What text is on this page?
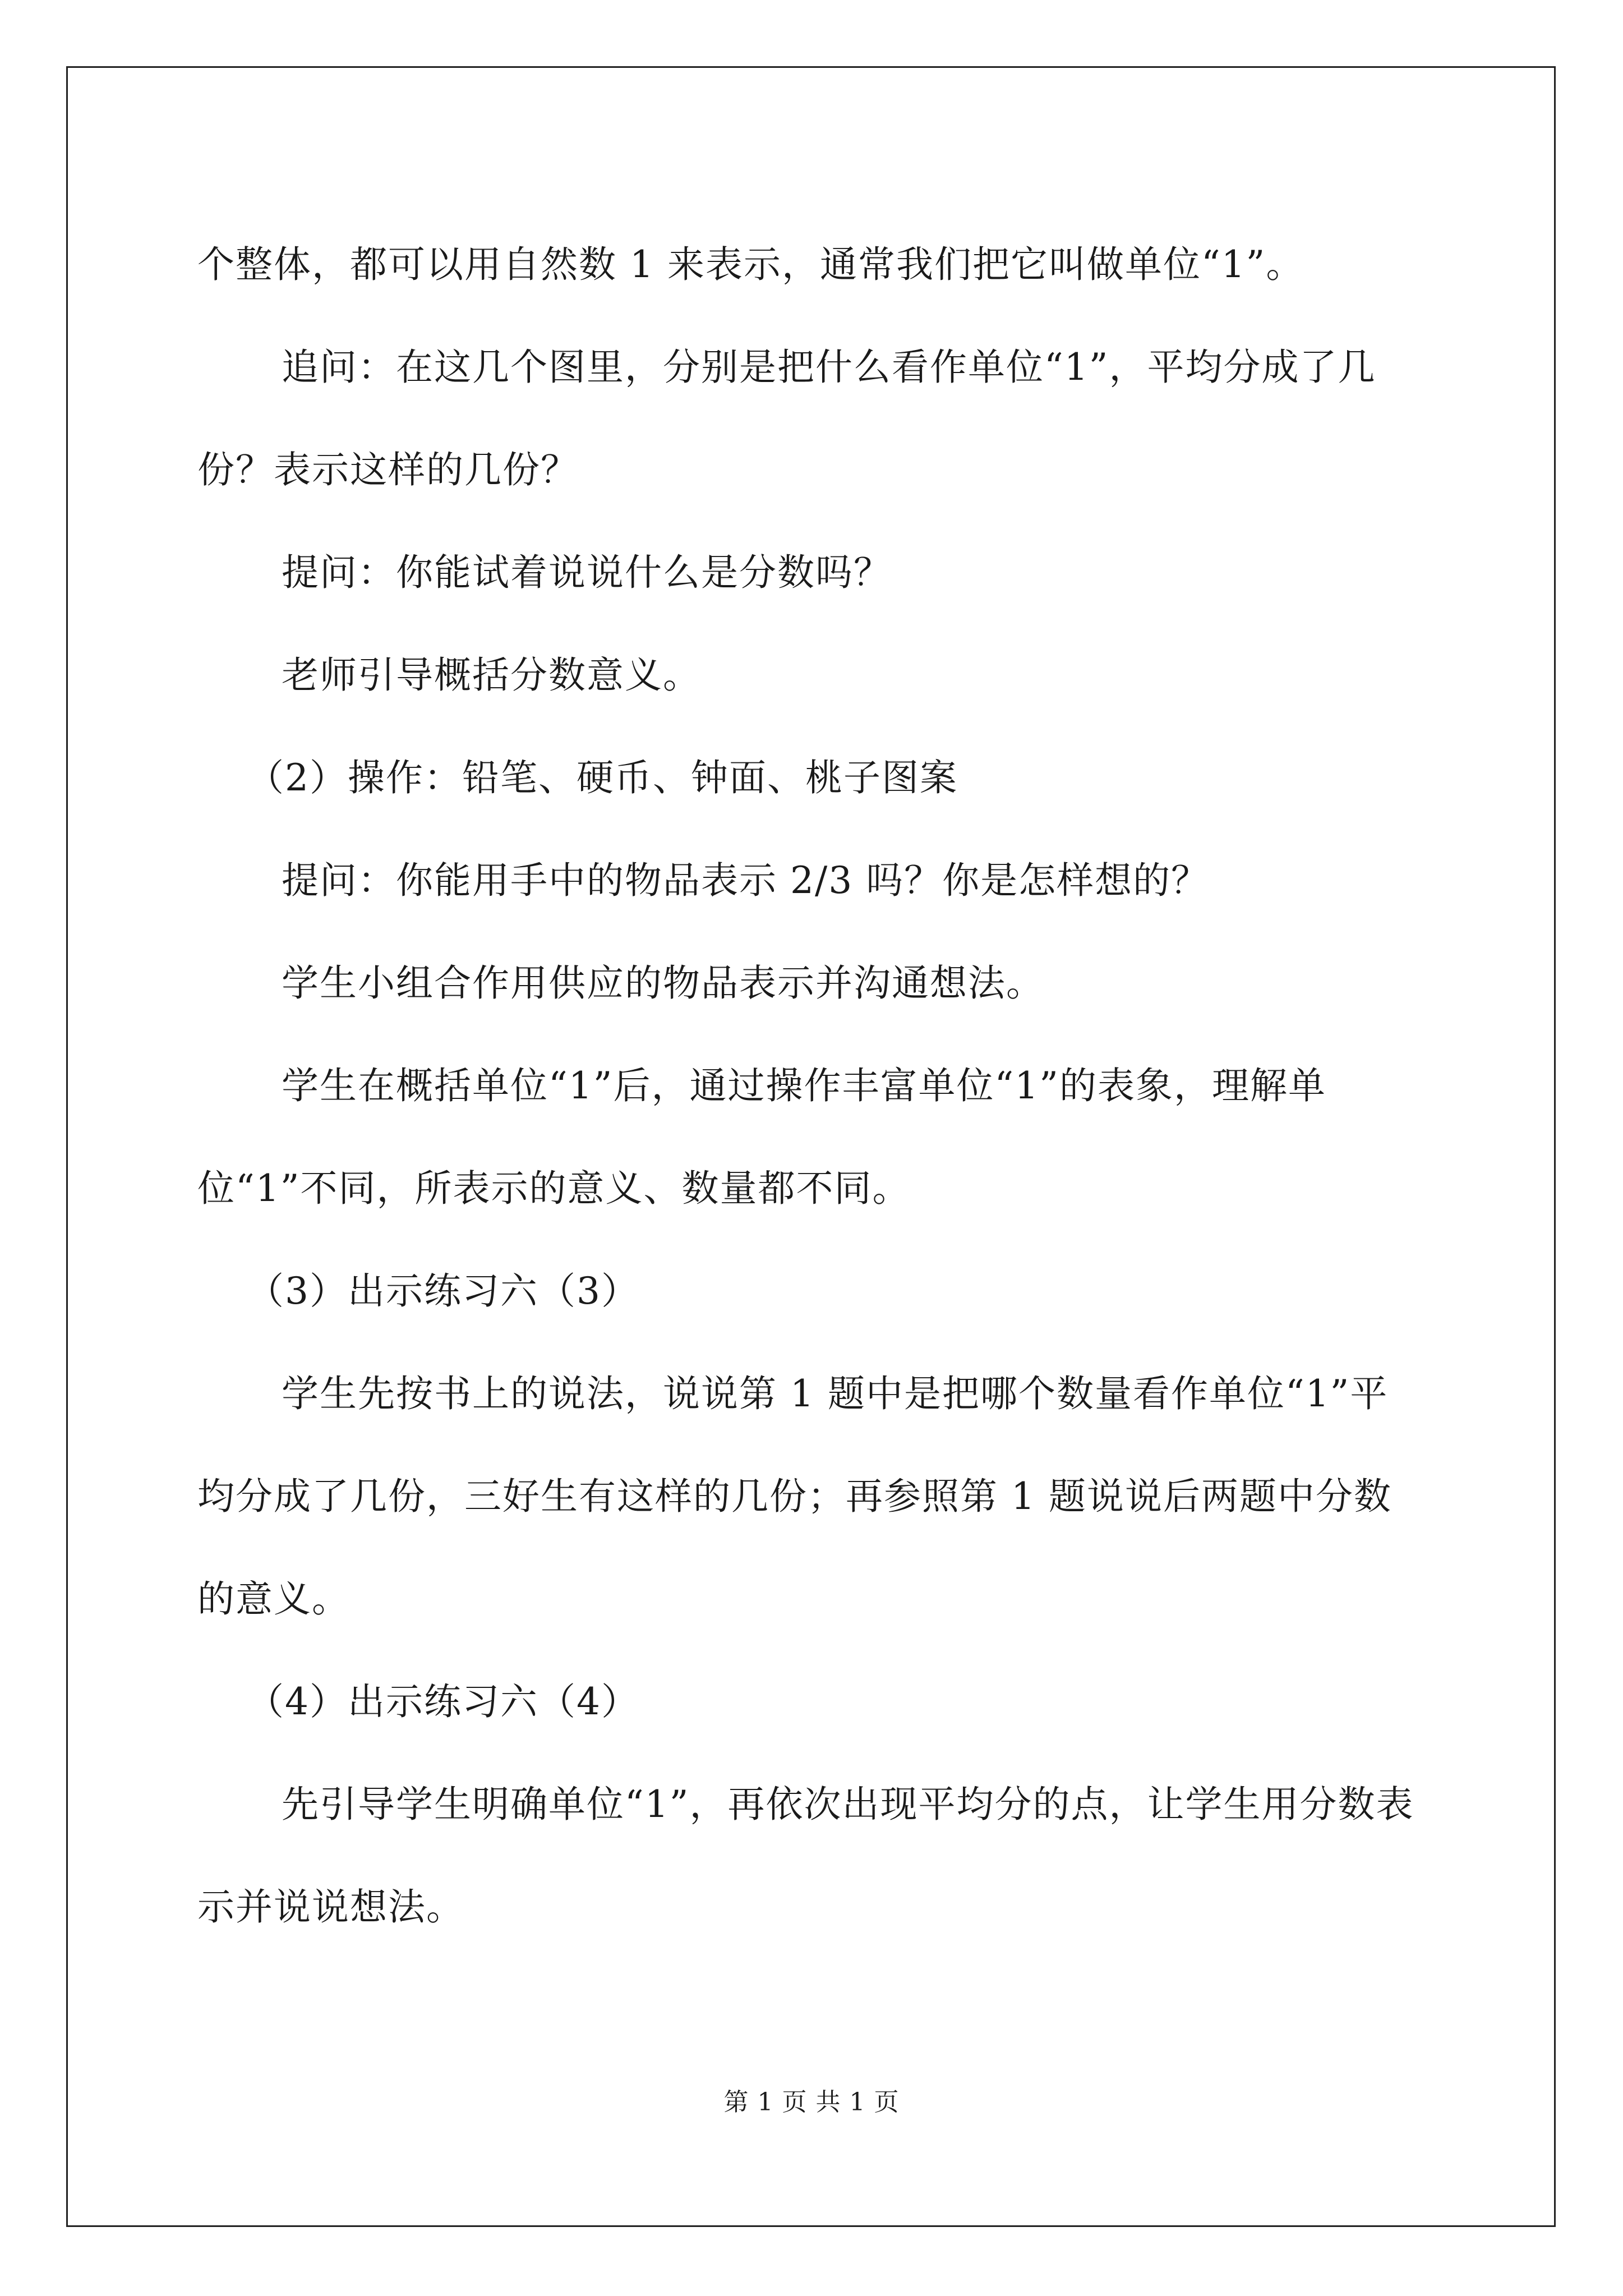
个整体，都可以用自然数 1 来表示，通常我们把它叫做单位“1”。

追问：在这几个图里，分别是把什么看作单位“1”，平均分成了几份？表示这样的几份？

提问：你能试着说说什么是分数吗？

老师引导概括分数意义。

（2）操作：铅笔、硬币、钟面、桃子图案

提问：你能用手中的物品表示 2/3 吗？你是怎样想的？

学生小组合作用供应的物品表示并沟通想法。

学生在概括单位“1”后，通过操作丰富单位“1”的表象，理解单位“1”不同，所表示的意义、数量都不同。

（3）出示练习六（3）

学生先按书上的说法，说说第 1 题中是把哪个数量看作单位“1”平均分成了几份，三好生有这样的几份；再参照第 1 题说说后两题中分数的意义。

（4）出示练习六（4）

先引导学生明确单位“1”，再依次出现平均分的点，让学生用分数表示并说说想法。

第 1 页 共 1 页
